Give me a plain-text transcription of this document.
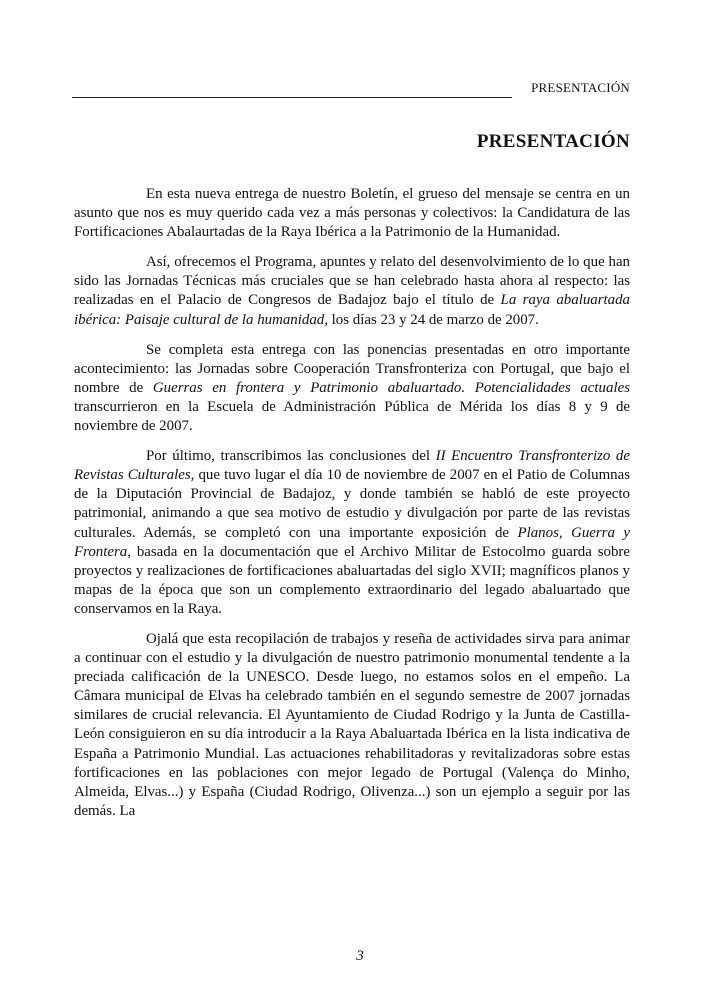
PRESENTACIÓN
PRESENTACIÓN

En esta nueva entrega de nuestro Boletín, el grueso del mensaje se centra en un asunto que nos es muy querido cada vez a más personas y colectivos: la Candidatura de las Fortificaciones Abalaurtadas de la Raya Ibérica a la Patrimonio de la Humanidad.

Así, ofrecemos el Programa, apuntes y relato del desenvolvimiento de lo que han sido las Jornadas Técnicas más cruciales que se han celebrado hasta ahora al respecto: las realizadas en el Palacio de Congresos de Badajoz bajo el título de La raya abaluartada ibérica: Paisaje cultural de la humanidad, los días 23 y 24 de marzo de 2007.

Se completa esta entrega con las ponencias presentadas en otro importante acontecimiento: las Jornadas sobre Cooperación Transfronteriza con Portugal, que bajo el nombre de Guerras en frontera y Patrimonio abaluartado. Potencialidades actuales transcurrieron en la Escuela de Administración Pública de Mérida los días 8 y 9 de noviembre de 2007.

Por último, transcribimos las conclusiones del II Encuentro Transfronterizo de Revistas Culturales, que tuvo lugar el día 10 de noviembre de 2007 en el Patio de Columnas de la Diputación Provincial de Badajoz, y donde también se habló de este proyecto patrimonial, animando a que sea motivo de estudio y divulgación por parte de las revistas culturales. Además, se completó con una importante exposición de Planos, Guerra y Frontera, basada en la documentación que el Archivo Militar de Estocolmo guarda sobre proyectos y realizaciones de fortificaciones abaluartadas del siglo XVII; magníficos planos y mapas de la época que son un complemento extraordinario del legado abaluartado que conservamos en la Raya.

Ojalá que esta recopilación de trabajos y reseña de actividades sirva para animar a continuar con el estudio y la divulgación de nuestro patrimonio monumental tendente a la preciada calificación de la UNESCO. Desde luego, no estamos solos en el empeño. La Câmara municipal de Elvas ha celebrado también en el segundo semestre de 2007 jornadas similares de crucial relevancia. El Ayuntamiento de Ciudad Rodrigo y la Junta de Castilla-León consiguieron en su día introducir a la Raya Abaluartada Ibérica en la lista indicativa de España a Patrimonio Mundial. Las actuaciones rehabilitadoras y revitalizadoras sobre estas fortificaciones en las poblaciones con mejor legado de Portugal (Valença do Minho, Almeida, Elvas...) y España (Ciudad Rodrigo, Olivenza...) son un ejemplo a seguir por las demás. La

3
